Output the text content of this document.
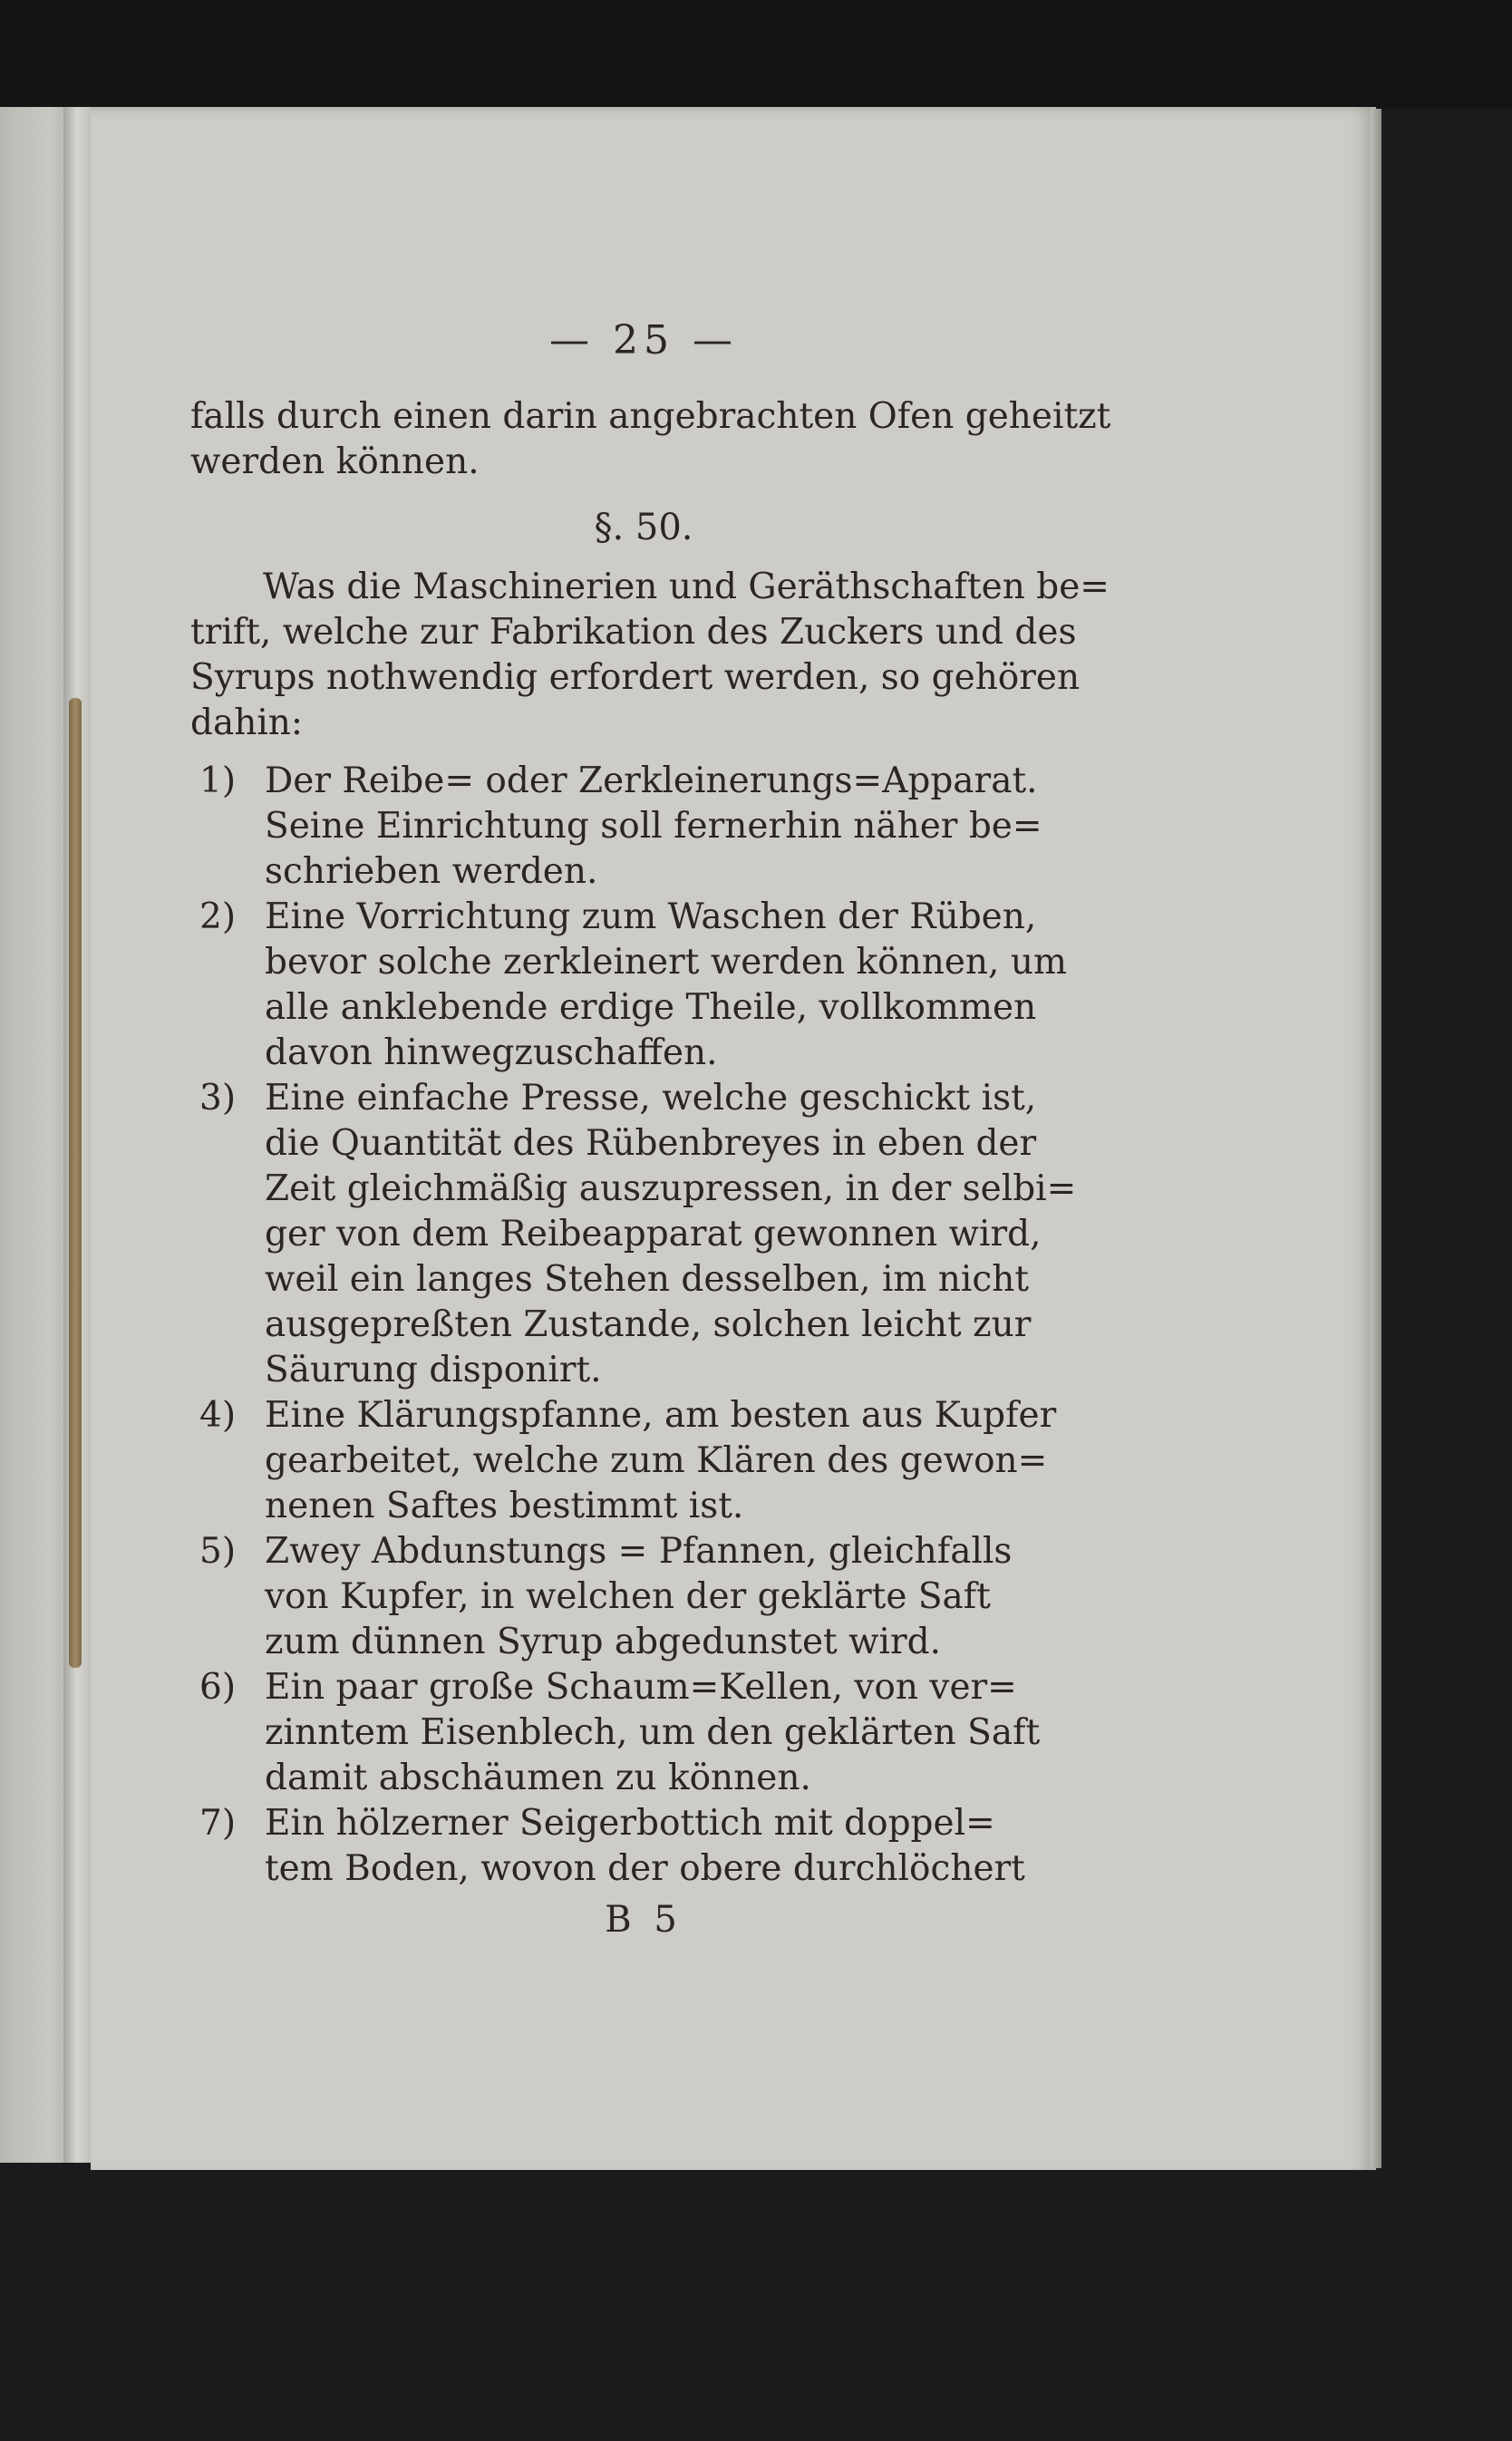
— 25 —
falls durch einen darin angebrachten Ofen geheitzt
werden können.
§. 50.
Was die Maschinerien und Geräthschaften be=
trift, welche zur Fabrikation des Zuckers und des
Syrups nothwendig erfordert werden, so gehören
dahin:
1) Der Reibe= oder Zerkleinerungs=Apparat.
Seine Einrichtung soll fernerhin näher be=
schrieben werden.
2) Eine Vorrichtung zum Waschen der Rüben,
bevor solche zerkleinert werden können, um
alle anklebende erdige Theile, vollkommen
davon hinwegzuschaffen.
3) Eine einfache Presse, welche geschickt ist,
die Quantität des Rübenbreyes in eben der
Zeit gleichmäßig auszupressen, in der selbi=
ger von dem Reibeapparat gewonnen wird,
weil ein langes Stehen desselben, im nicht
ausgepreßten Zustande, solchen leicht zur
Säurung disponirt.
4) Eine Klärungspfanne, am besten aus Kupfer
gearbeitet, welche zum Klären des gewon=
nenen Saftes bestimmt ist.
5) Zwey Abdunstungs = Pfannen, gleichfalls
von Kupfer, in welchen der geklärte Saft
zum dünnen Syrup abgedunstet wird.
6) Ein paar große Schaum=Kellen, von ver=
zinntem Eisenblech, um den geklärten Saft
damit abschäumen zu können.
7) Ein hölzerner Seigerbottich mit doppel=
tem Boden, wovon der obere durchlöchert
B 5
